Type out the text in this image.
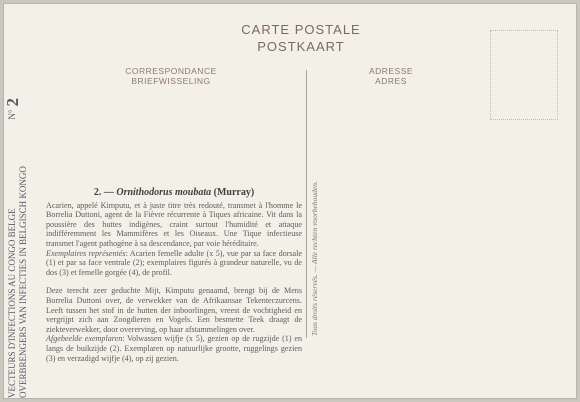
CARTE POSTALE
POSTKAART
CORRESPONDANCE
BRIEFWISSELING
ADRESSE
ADRES
Tous droits réservés. — Alle rechten voorbehouden.
VECTEURS D'INFECTIONS AU CONGO BELGE OVERBRENGERS VAN INFECTIES IN BELGISCH KONGO
N°2
2. — Ornithodorus moubata (Murray)

Acarien, appelé Kimputu, et à juste titre très redouté, transmet à l'homme le Borrelia Duttoni, agent de la Fièvre récurrente à Tiques africaine. Vit dans la poussière des huttes indigènes, craint surtout l'humidité et attaque indifféremment les Mammifères et les Oiseaux. Une Tique infectieuse transmet l'agent pathogène à sa descendance, par voie héréditaire.

Exemplaires représentés: Acarien femelle adulte (x 5), vue par sa face dorsale (1) et par sa face ventrale (2); exemplaires figurés à grandeur naturelle, vu de dos (3) et femelle gorgée (4), de profil.

Deze terecht zeer geduchte Mijt, Kimputu genaamd, brengt bij de Mens Borrelia Duttoni over, de verwekker van de Afrikaansae Tekenteczurcens. Leeft tussen het stof in de hutten der inboorlingen, vreest de vochtigheid en vergrijpt zich aan Zoogdieren en Vogels. Een besmette Teek draagt de ziekteverwekker, door overerving, op haar afstammelingen over.

Afgebeelde exemplaren: Volwassen wijfje (x 5), gezien op de rugzijde (1) en langs de buikzijde (2). Exemplaren op natuurlijke grootte, ruggelings gezien (3) en verzadigd wijfje (4), op zij gezien.
